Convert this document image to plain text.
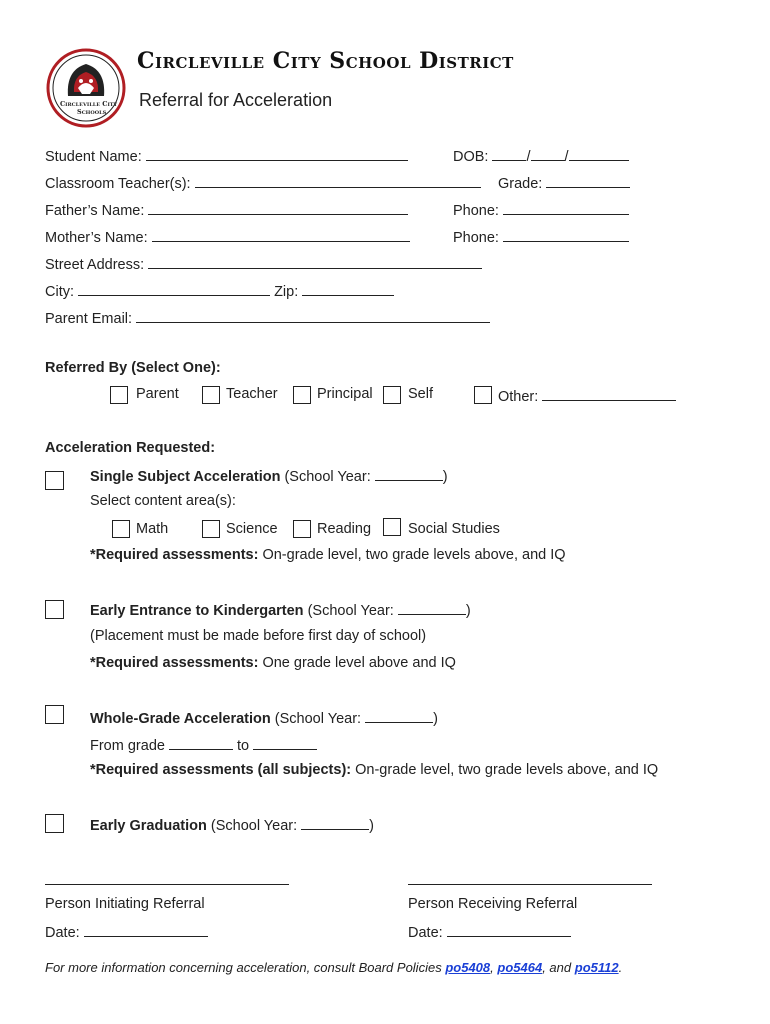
Circleville City
Schools
Circleville City School District
Referral for Acceleration
Student Name:	DOB:	/ /
Classroom Teacher(s):	Grade:
Father’s Name:	Phone:
Mother’s Name:	Phone:
Street Address:
City:	Zip:
Parent Email:
Referred By (Select One):
Parent	Teacher	Principal Self	Other:
Acceleration Requested:
Single Subject Acceleration (School Year:	)
Select content area(s):
Math	Science	Reading	Social Studies
*Required assessments: On-grade level, two grade levels above, and IQ
Early Entrance to Kindergarten (School Year:	)
(Placement must be made before first day of school)
*Required assessments: One grade level above and IQ
Whole-Grade Acceleration (School Year:	)
From grade	to
*Required assessments (all subjects): On-grade level, two grade levels above, and IQ
Early Graduation (School Year:	)
Person Initiating Referral	Person Receiving Referral
Date:	Date:
For more information concerning acceleration, consult Board Policies po5408, po5464, and po5112.
